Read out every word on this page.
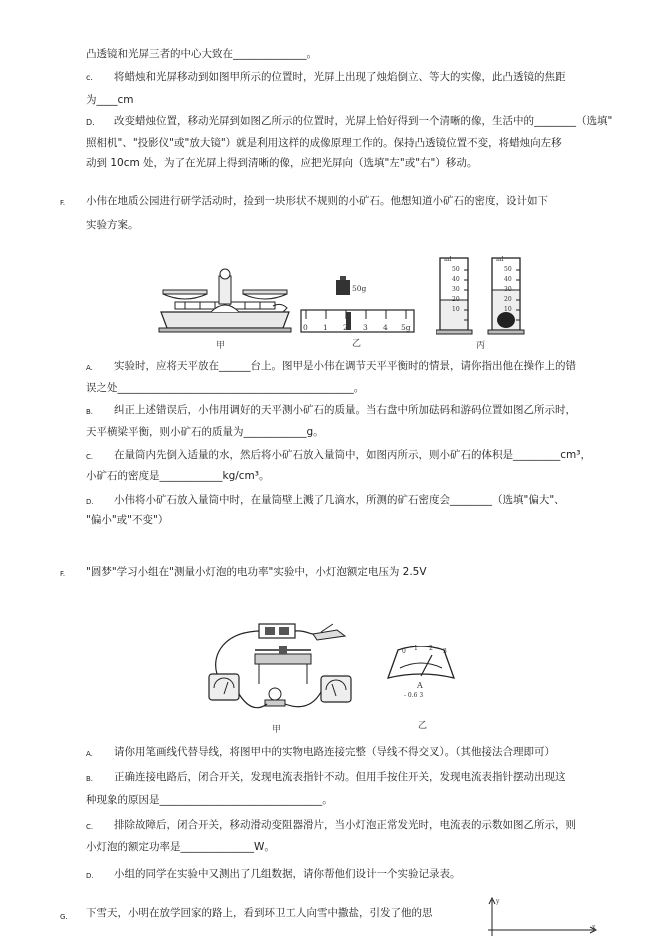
凸透镜和光屏三者的中心大致在______________。
c. 将蜡烛和光屏移动到如图甲所示的位置时，光屏上出现了烛焰倒立、等大的实像，此凸透镜的焦距
为____cm
D. 改变蜡烛位置，移动光屏到如图乙所示的位置时，光屏上恰好得到一个清晰的像，生活中的________（选填"
照相机"、"投影仪"或"放大镜"）就是利用这样的成像原理工作的。保持凸透镜位置不变，将蜡烛向左移
动到 10cm 处，为了在光屏上得到清晰的像，应把光屏向（选填"左"或"右"）移动。
F. 小伟在地质公园进行研学活动时，捡到一块形状不规则的小矿石。他想知道小矿石的密度，设计如下
实验方案。
甲
50g
0 1 2 3 4 5g
乙
ml
50
40
30
20
10
ml
50
40
30
20
10
丙
A. 实验时，应将天平放在______台上。图甲是小伟在调节天平平衡时的情景，请你指出他在操作上的错
误之处_____________________________________________。
B. 纠正上述错误后，小伟用调好的天平测小矿石的质量。当右盘中所加砝码和游码位置如图乙所示时，
天平横梁平衡，则小矿石的质量为____________g。
C. 在量筒内先倒入适量的水，然后将小矿石放入量筒中，如图丙所示，则小矿石的体积是_________cm³，
小矿石的密度是____________kg/cm³。
D. 小伟将小矿石放入量筒中时，在量筒壁上溅了几滴水，所测的矿石密度会________（选填"偏大"、
"偏小"或"不变"）
F. "圆梦"学习小组在"测量小灯泡的电功率"实验中，小灯泡额定电压为 2.5V
甲
0 1 2 3
A
- 0.6 3
乙
A. 请你用笔画线代替导线，将图甲中的实物电路连接完整（导线不得交叉）。（其他接法合理即可）
B. 正确连接电路后，闭合开关，发现电流表指针不动。但用手按住开关，发现电流表指针摆动出现这
种现象的原因是_______________________________。
C. 排除故障后，闭合开关，移动滑动变阻器滑片，当小灯泡正常发光时，电流表的示数如图乙所示，则
小灯泡的额定功率是______________W。
D. 小组的同学在实验中又测出了几组数据，请你帮他们设计一个实验记录表。
G. 下雪天，小明在放学回家的路上，看到环卫工人向雪中撒盐，引发了他的思
y
x
